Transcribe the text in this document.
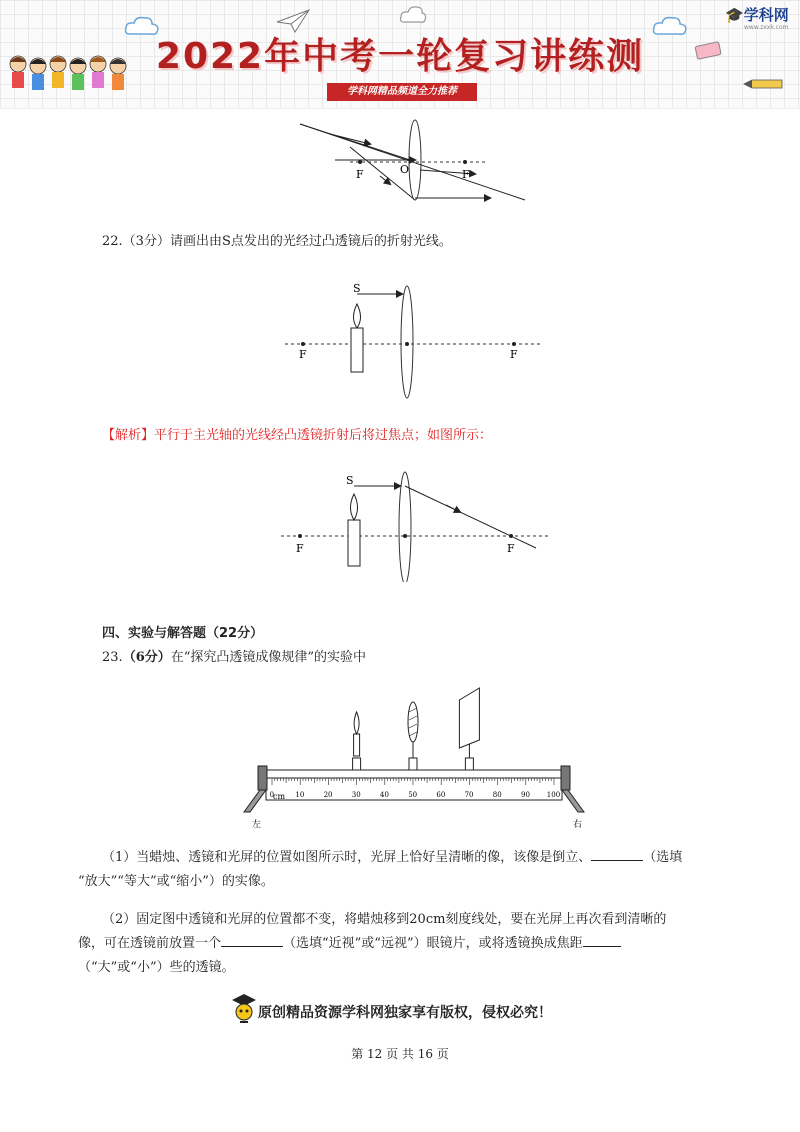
2022年中考一轮复习讲练测
学科网精品频道全力推荐
🎓学科网
www.zxxk.com
F	O	F
22.（3分）请画出由S点发出的光经过凸透镜后的折射光线。
S
F	F
【解析】平行于主光轴的光线经凸透镜折射后将过焦点；如图所示：
S
F	F
四、实验与解答题（22分）
23.（6分）在“探究凸透镜成像规律”的实验中
0	10	20	30	40	50	60	70	80	90 100
cm
左	右
（1）当蜡烛、透镜和光屏的位置如图所示时，光屏上恰好呈清晰的像，该像是倒立、	（选填
“放大”“等大”或“缩小”）的实像。
（2）固定图中透镜和光屏的位置都不变，将蜡烛移到20cm刻度线处，要在光屏上再次看到清晰的
像，可在透镜前放置一个	（选填“近视”或“远视”）眼镜片，或将透镜换成焦距
（“大”或“小”）些的透镜。
原创精品资源学科网独家享有版权，侵权必究！
第 12 页 共 16 页
